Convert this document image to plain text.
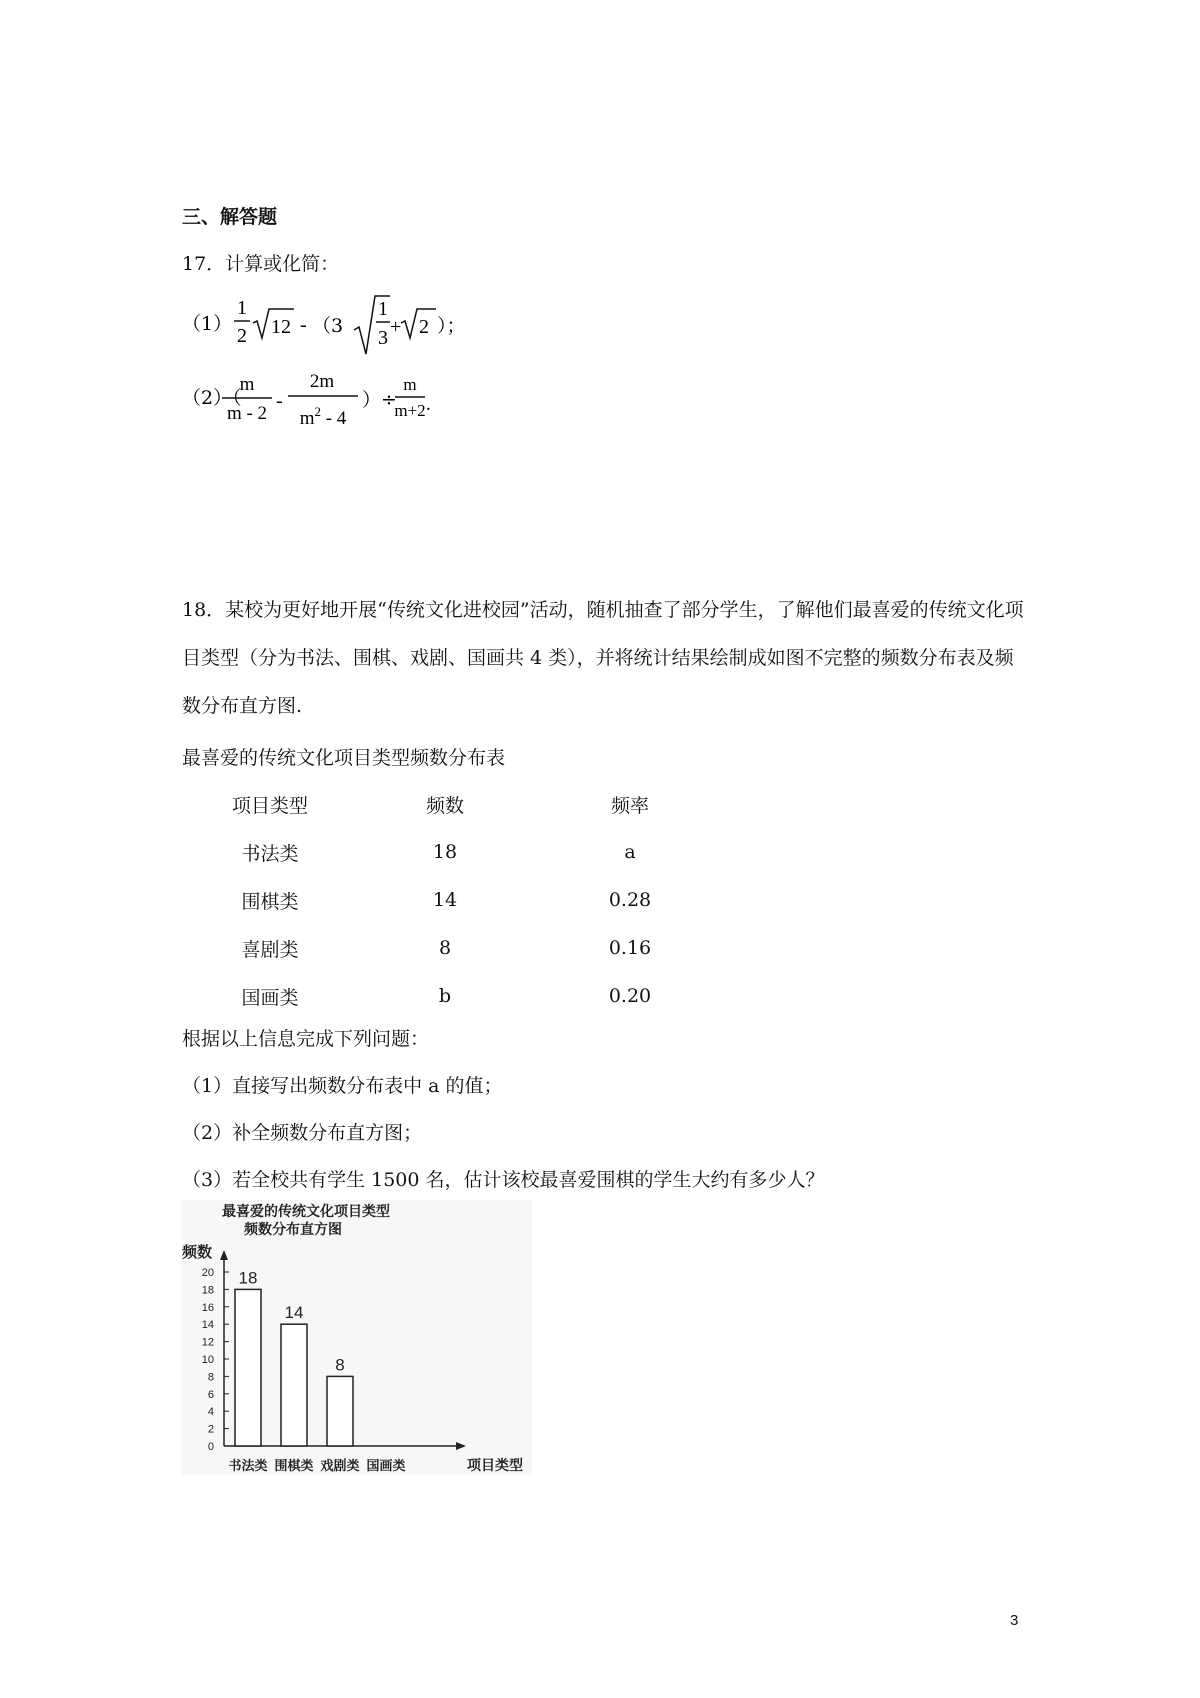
三、解答题
17．计算或化简：
（1）
1
2 12 - （3
1
3 + 2 ）；
（2）（
m
m - 2
-
2m
$m^2 - 4$
）÷
m
m+2 .
18．某校为更好地开展“传统文化进校园”活动，随机抽查了部分学生，了解他们最喜爱的传统文化项目类型（分为书法、围棋、戏剧、国画共 4 类），并将统计结果绘制成如图不完整的频数分布表及频数分布直方图.
最喜爱的传统文化项目类型频数分布表
项目类型	频数	频率
书法类	18	a
围棋类	14	0.28
喜剧类	8	0.16
国画类	b	0.20
根据以上信息完成下列问题：
（1）直接写出频数分布表中 a 的值；
（2）补全频数分布直方图；
（3）若全校共有学生 1500 名，估计该校最喜爱围棋的学生大约有多少人？
最喜爱的传统文化项目类型
频数分布直方图
频数
0
2
4
6
8
10
12
14
16
18
20 18
书法类
14
围棋类
8
戏剧类 国画类	项目类型
3
